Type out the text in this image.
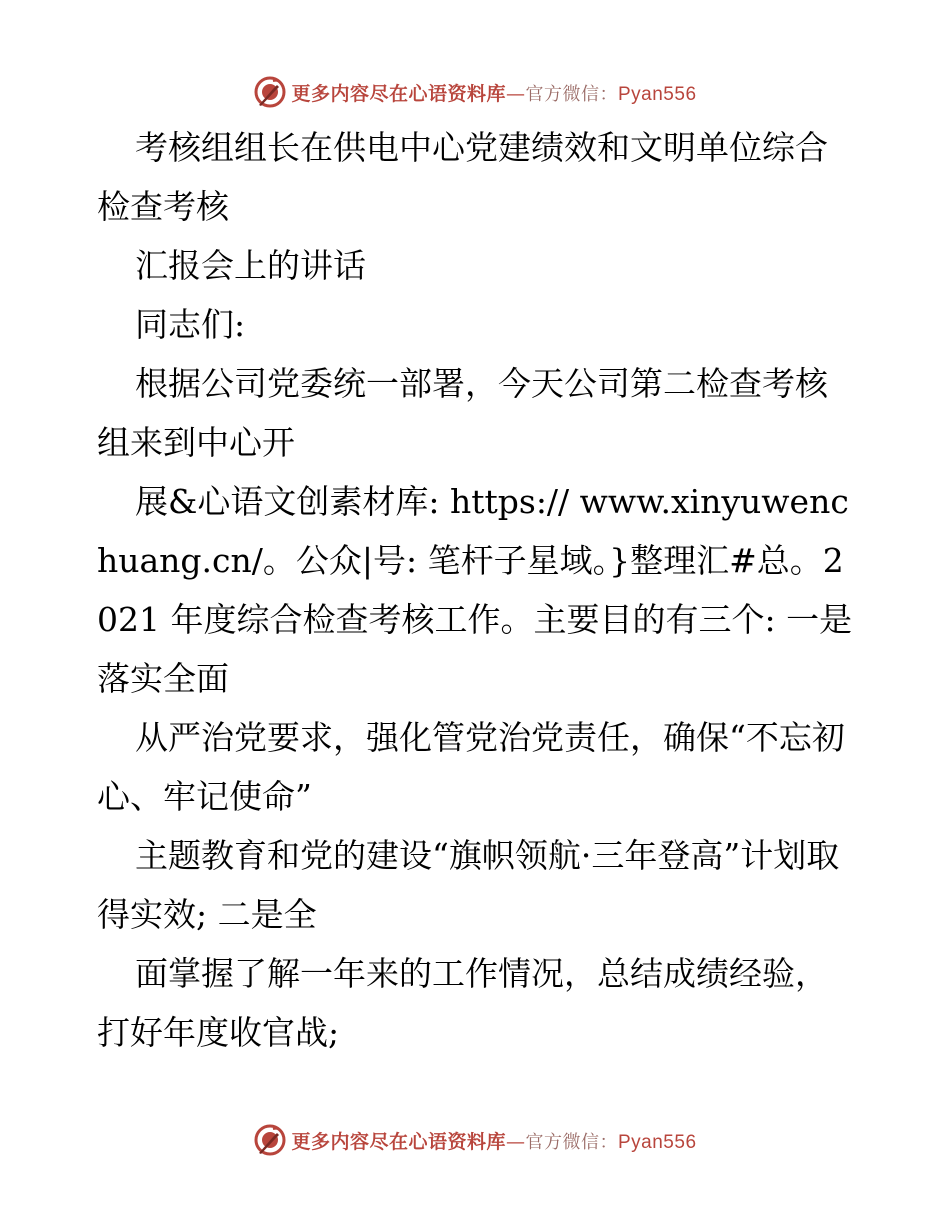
更多内容尽在心语资料库—官方微信：Pyan556

考核组组长在供电中心党建绩效和文明单位综合检查考核

汇报会上的讲话

同志们:

根据公司党委统一部署，今天公司第二检查考核组来到中心开

展&心语文创素材库: https:// www.xinyuwenchuang.cn/。公众|号: 笔杆子星域。}整理汇#总。2021 年度综合检查考核工作。主要目的有三个: 一是落实全面

从严治党要求，强化管党治党责任，确保“不忘初心、牢记使命”

主题教育和党的建设“旗帜领航·三年登高”计划取得实效; 二是全

面掌握了解一年来的工作情况，总结成绩经验，打好年度收官战;

更多内容尽在心语资料库—官方微信：Pyan556
